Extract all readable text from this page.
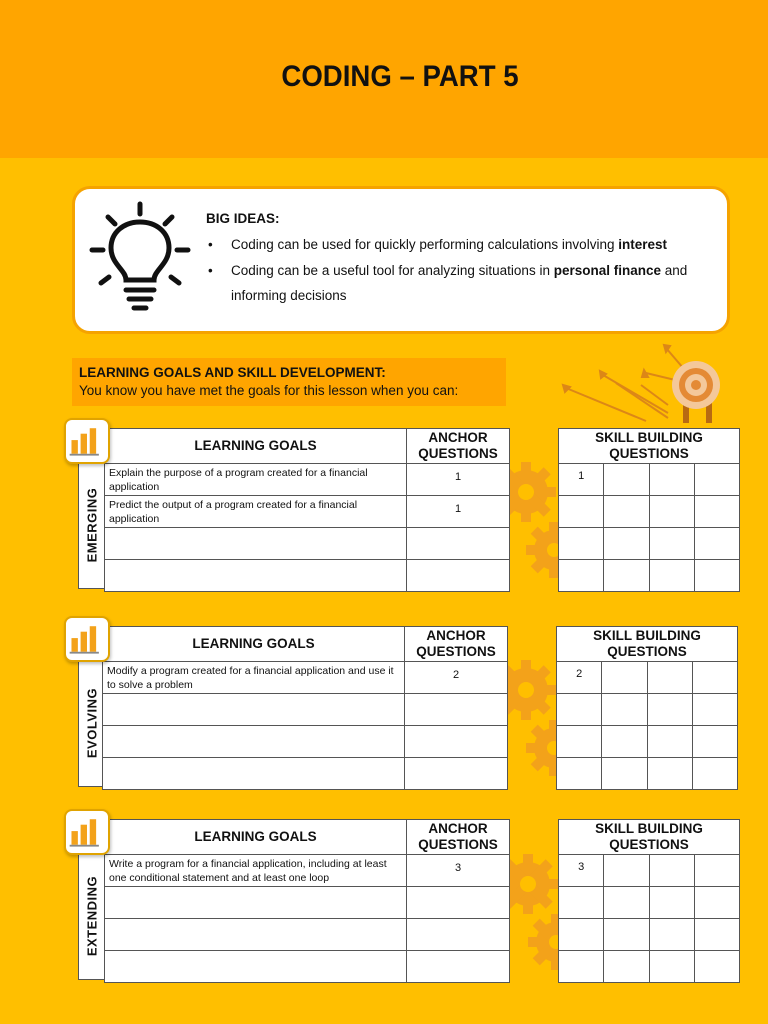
CODING – PART 5
BIG IDEAS:
• Coding can be used for quickly performing calculations involving interest
• Coding can be a useful tool for analyzing situations in personal finance and informing decisions
LEARNING GOALS AND SKILL DEVELOPMENT:
You know you have met the goals for this lesson when you can:
EMERGING
LEARNING GOALS	ANCHOR QUESTIONS
Explain the purpose of a program created for a financial application	1
Predict the output of a program created for a financial application	1

SKILL BUILDING QUESTIONS			
1			

EVOLVING
LEARNING GOALS	ANCHOR QUESTIONS
Modify a program created for a financial application and use it to solve a problem	2

SKILL BUILDING QUESTIONS			
2			

EXTENDING
LEARNING GOALS	ANCHOR QUESTIONS
Write a program for a financial application, including at least one conditional statement and at least one loop	3

SKILL BUILDING QUESTIONS			
3			
